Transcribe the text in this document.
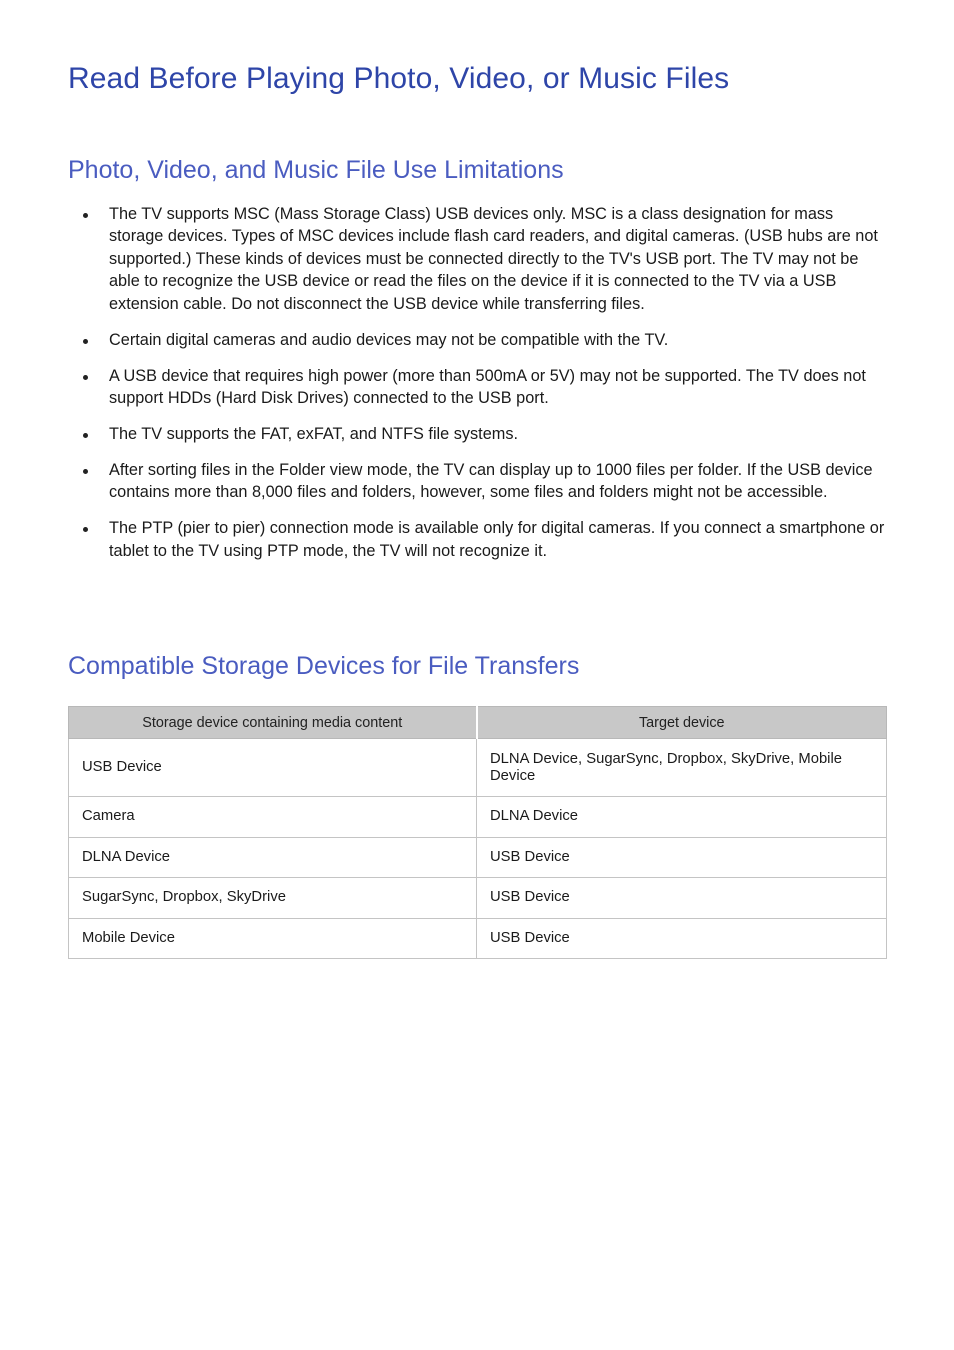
Read Before Playing Photo, Video, or Music Files
Photo, Video, and Music File Use Limitations
The TV supports MSC (Mass Storage Class) USB devices only. MSC is a class designation for mass storage devices. Types of MSC devices include flash card readers, and digital cameras. (USB hubs are not supported.) These kinds of devices must be connected directly to the TV's USB port. The TV may not be able to recognize the USB device or read the files on the device if it is connected to the TV via a USB extension cable. Do not disconnect the USB device while transferring files.
Certain digital cameras and audio devices may not be compatible with the TV.
A USB device that requires high power (more than 500mA or 5V) may not be supported. The TV does not support HDDs (Hard Disk Drives) connected to the USB port.
The TV supports the FAT, exFAT, and NTFS file systems.
After sorting files in the Folder view mode, the TV can display up to 1000 files per folder. If the USB device contains more than 8,000 files and folders, however, some files and folders might not be accessible.
The PTP (pier to pier) connection mode is available only for digital cameras. If you connect a smartphone or tablet to the TV using PTP mode, the TV will not recognize it.
Compatible Storage Devices for File Transfers
Storage device containing media content	Target device
USB Device	DLNA Device, SugarSync, Dropbox, SkyDrive, Mobile Device
Camera	DLNA Device
DLNA Device	USB Device
SugarSync, Dropbox, SkyDrive	USB Device
Mobile Device	USB Device
